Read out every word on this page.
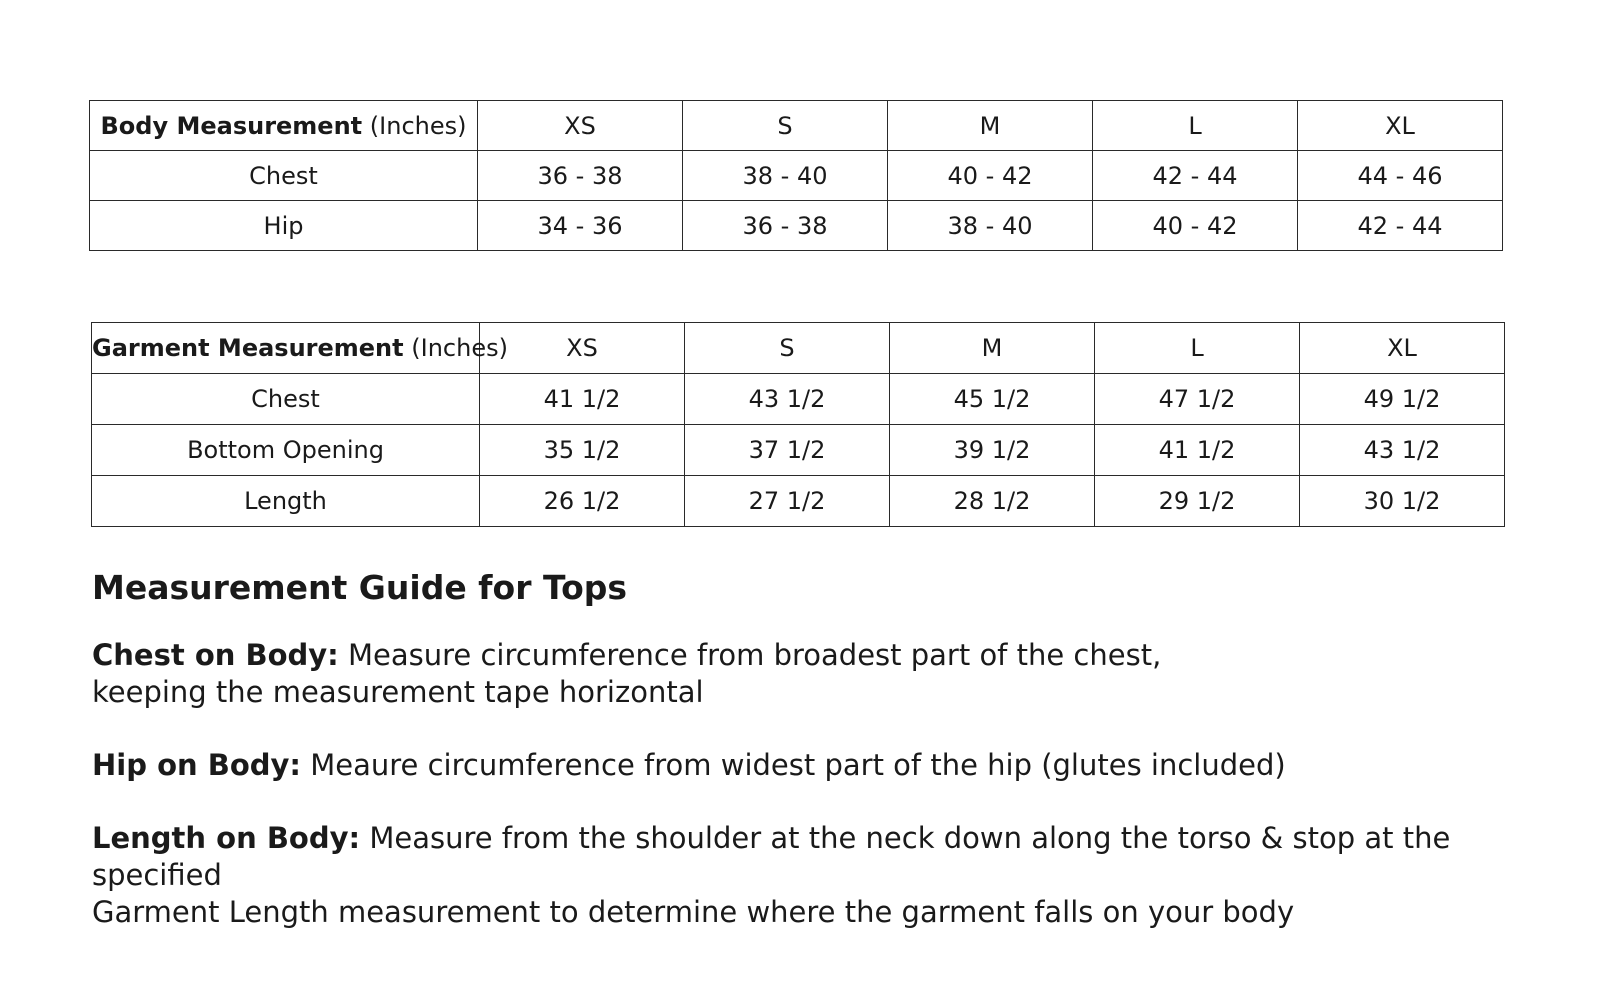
Body Measurement (Inches)	XS	S	M	L	XL
Chest	36 - 38	38 - 40	40 - 42	42 - 44	44 - 46
Hip	34 - 36	36 - 38	38 - 40	40 - 42	42 - 44
Garment Measurement (Inches)	XS	S	M	L	XL
Chest	41 1/2	43 1/2	45 1/2	47 1/2	49 1/2
Bottom Opening	35 1/2	37 1/2	39 1/2	41 1/2	43 1/2
Length	26 1/2	27 1/2	28 1/2	29 1/2	30 1/2
Measurement Guide for Tops

Chest on Body: Measure circumference from broadest part of the chest,
keeping the measurement tape horizontal

Hip on Body: Meaure circumference from widest part of the hip (glutes included)

Length on Body: Measure from the shoulder at the neck down along the torso & stop at the specified
Garment Length measurement to determine where the garment falls on your body
